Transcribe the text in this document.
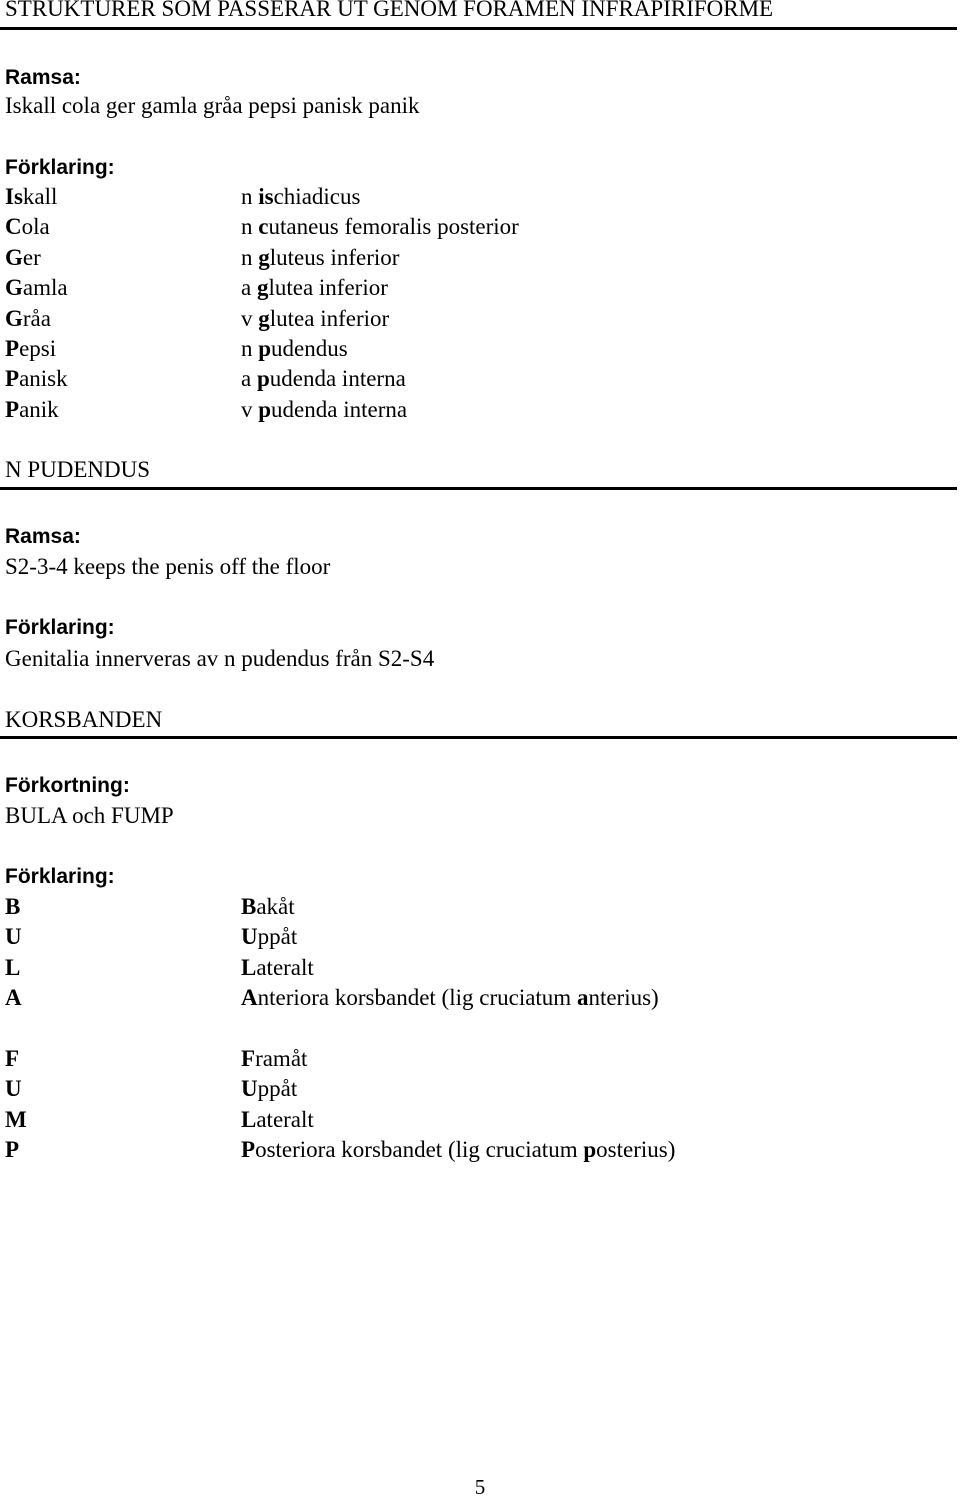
STRUKTURER SOM PASSERAR UT GENOM FORAMEN INFRAPIRIFORME
Ramsa:
Iskall cola ger gamla gråa pepsi panisk panik
Förklaring:
Iskall	n ischiadicus
Cola	n cutaneus femoralis posterior
Ger	n gluteus inferior
Gamla	a glutea inferior
Gråa	v glutea inferior
Pepsi	n pudendus
Panisk	a pudenda interna
Panik	v pudenda interna
N PUDENDUS
Ramsa:
S2-3-4 keeps the penis off the floor
Förklaring:
Genitalia innerveras av n pudendus från S2-S4
KORSBANDEN
Förkortning:
BULA och FUMP
Förklaring:
B	Bakåt
U	Uppåt
L	Lateralt
A	Anteriora korsbandet (lig cruciatum anterius)
F	Framåt
U	Uppåt
M	Lateralt
P	Posteriora korsbandet (lig cruciatum posterius)
5
